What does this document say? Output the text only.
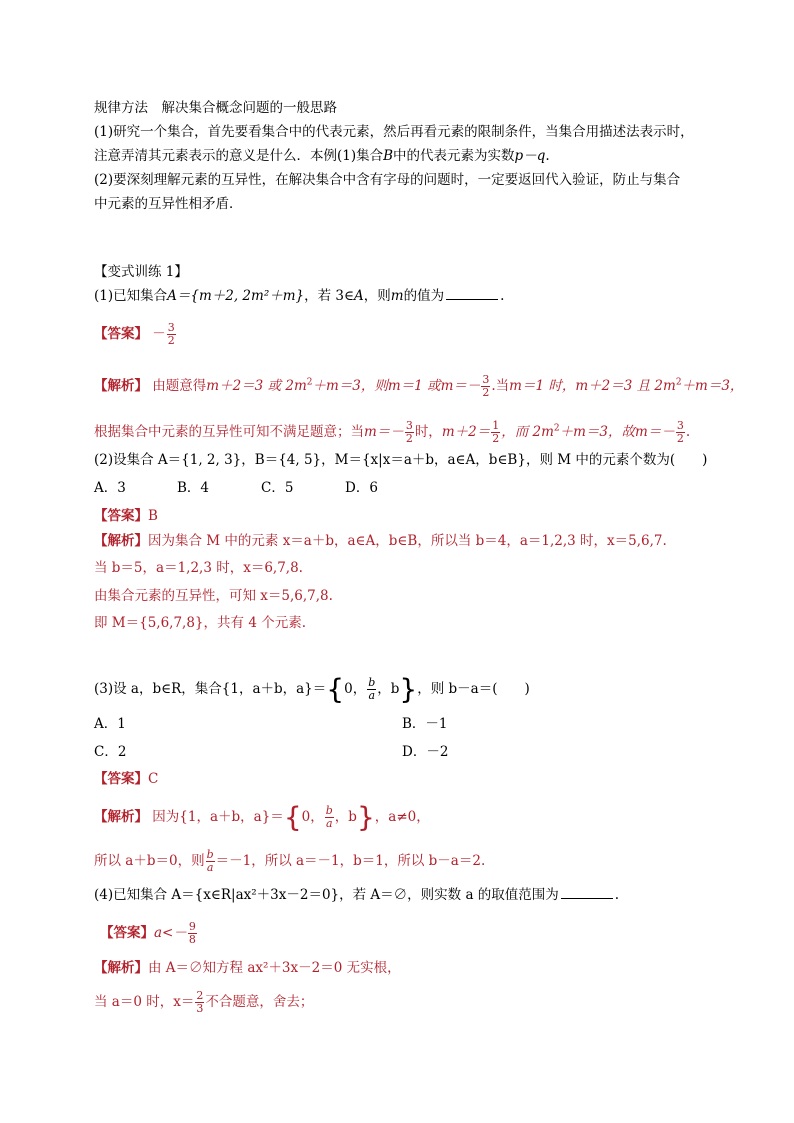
规律方法　解决集合概念问题的一般思路
(1)研究一个集合，首先要看集合中的代表元素，然后再看元素的限制条件，当集合用描述法表示时，
注意弄清其元素表示的意义是什么．本例(1)集合B中的代表元素为实数p－q.
(2)要深刻理解元素的互异性，在解决集合中含有字母的问题时，一定要返回代入验证，防止与集合
中元素的互异性相矛盾．
【变式训练 1】
(1)已知集合A＝{m＋2, 2m²＋m}，若 3∈A，则m的值为	.
【答案】 － $\frac{3}{2}$
【解析】 由题意得m＋2＝3 或 $2m^2+m=3$，则m＝1 或$m=- \frac{3}{2}$ .当m＝1 时，m＋2＝3 且 $2m^2+m=3$，
根据集合中元素的互异性可知不满足题意；当$m=- \frac{3}{2}$ 时，$m+2= \frac{1}{2}$ ，而 $2m^2+m=3$，故$m=- \frac{3}{2}$ .
(2)设集合 A＝{1, 2, 3}，B＝{4, 5}，M＝{x|x＝a＋b，a∈A，b∈B}，则 M 中的元素个数为(　　)
A．3	B．4	C．5	D．6
【答案】B
【解析】因为集合 M 中的元素 x＝a＋b，a∈A，b∈B，所以当 b＝4，a＝1,2,3 时，x＝5,6,7.
当 b＝5，a＝1,2,3 时，x＝6,7,8.
由集合元素的互异性，可知 x＝5,6,7,8.
即 M＝{5,6,7,8}，共有 4 个元素.
(3)设 a，b∈R，集合{1，a＋b，a}＝{0， $\frac{b}{a}$ ，b}，则 b－a＝(　　)
A．1	B．－1
C．2	D．－2
【答案】C
【解析】 因为{1，a＋b，a}＝{0， $\frac{b}{a}$ ，b}，a≠0，
所以 a＋b＝0，则 $\frac{b}{a} =-1$，所以 a＝－1，b＝1，所以 b－a＝2.
(4)已知集合 A＝{x∈R|ax²＋3x－2＝0}，若 A＝∅，则实数 a 的取值范围为	.
【答案】$a<- \frac{9}{8}$
【解析】由 A＝∅知方程 ax²＋3x－2＝0 无实根，
当 a＝0 时，$x= \frac{2}{3}$ 不合题意，舍去；
